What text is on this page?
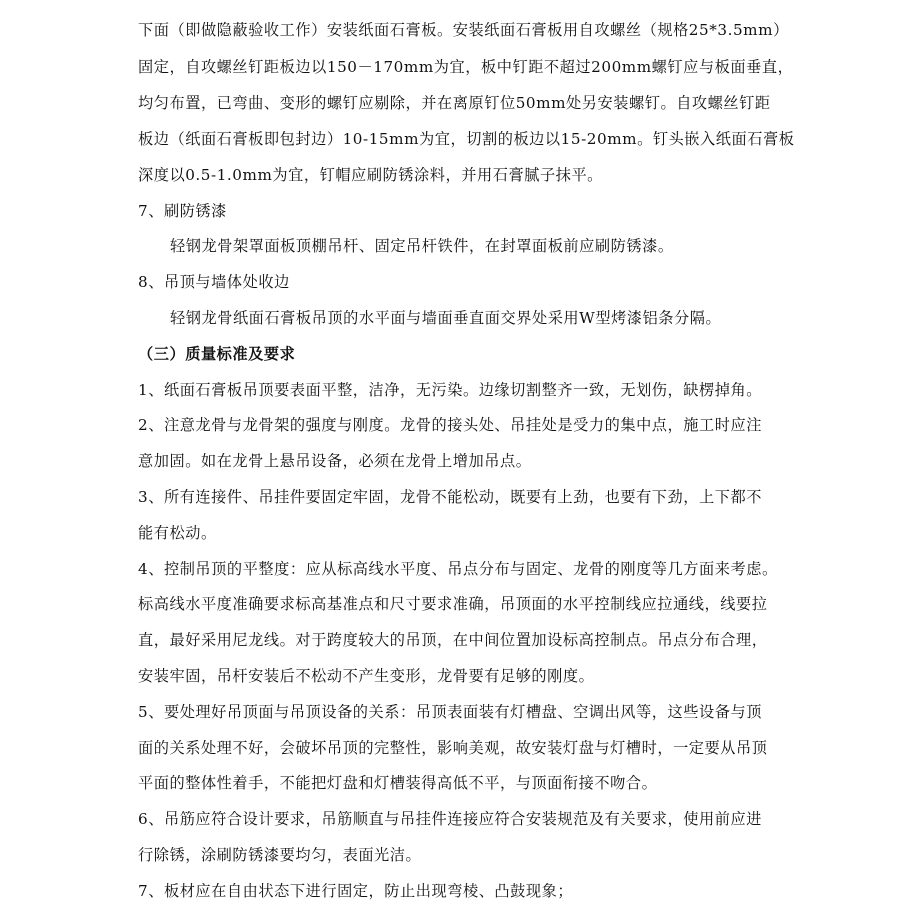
下面（即做隐蔽验收工作）安装纸面石膏板。安装纸面石膏板用自攻螺丝（规格25*3.5mm）
固定，自攻螺丝钉距板边以150－170mm为宜，板中钉距不超过200mm螺钉应与板面垂直，
均匀布置，已弯曲、变形的螺钉应剔除，并在离原钉位50mm处另安装螺钉。自攻螺丝钉距
板边（纸面石膏板即包封边）10-15mm为宜，切割的板边以15-20mm。钉头嵌入纸面石膏板
深度以0.5-1.0mm为宜，钉帽应刷防锈涂料，并用石膏腻子抹平。
7、刷防锈漆
轻钢龙骨架罩面板顶棚吊杆、固定吊杆铁件，在封罩面板前应刷防锈漆。
8、吊顶与墙体处收边
轻钢龙骨纸面石膏板吊顶的水平面与墙面垂直面交界处采用W型烤漆铝条分隔。
（三）质量标准及要求
1、纸面石膏板吊顶要表面平整，洁净，无污染。边缘切割整齐一致，无划伤，缺楞掉角。
2、注意龙骨与龙骨架的强度与刚度。龙骨的接头处、吊挂处是受力的集中点，施工时应注
意加固。如在龙骨上悬吊设备，必须在龙骨上增加吊点。
3、所有连接件、吊挂件要固定牢固，龙骨不能松动，既要有上劲，也要有下劲，上下都不
能有松动。
4、控制吊顶的平整度：应从标高线水平度、吊点分布与固定、龙骨的刚度等几方面来考虑。
标高线水平度准确要求标高基准点和尺寸要求准确，吊顶面的水平控制线应拉通线，线要拉
直，最好采用尼龙线。对于跨度较大的吊顶，在中间位置加设标高控制点。吊点分布合理，
安装牢固，吊杆安装后不松动不产生变形，龙骨要有足够的刚度。
5、要处理好吊顶面与吊顶设备的关系：吊顶表面装有灯槽盘、空调出风等，这些设备与顶
面的关系处理不好，会破坏吊顶的完整性，影响美观，故安装灯盘与灯槽时，一定要从吊顶
平面的整体性着手，不能把灯盘和灯槽装得高低不平，与顶面衔接不吻合。
6、吊筋应符合设计要求，吊筋顺直与吊挂件连接应符合安装规范及有关要求，使用前应进
行除锈，涂刷防锈漆要均匀，表面光洁。
7、板材应在自由状态下进行固定，防止出现弯棱、凸鼓现象；
